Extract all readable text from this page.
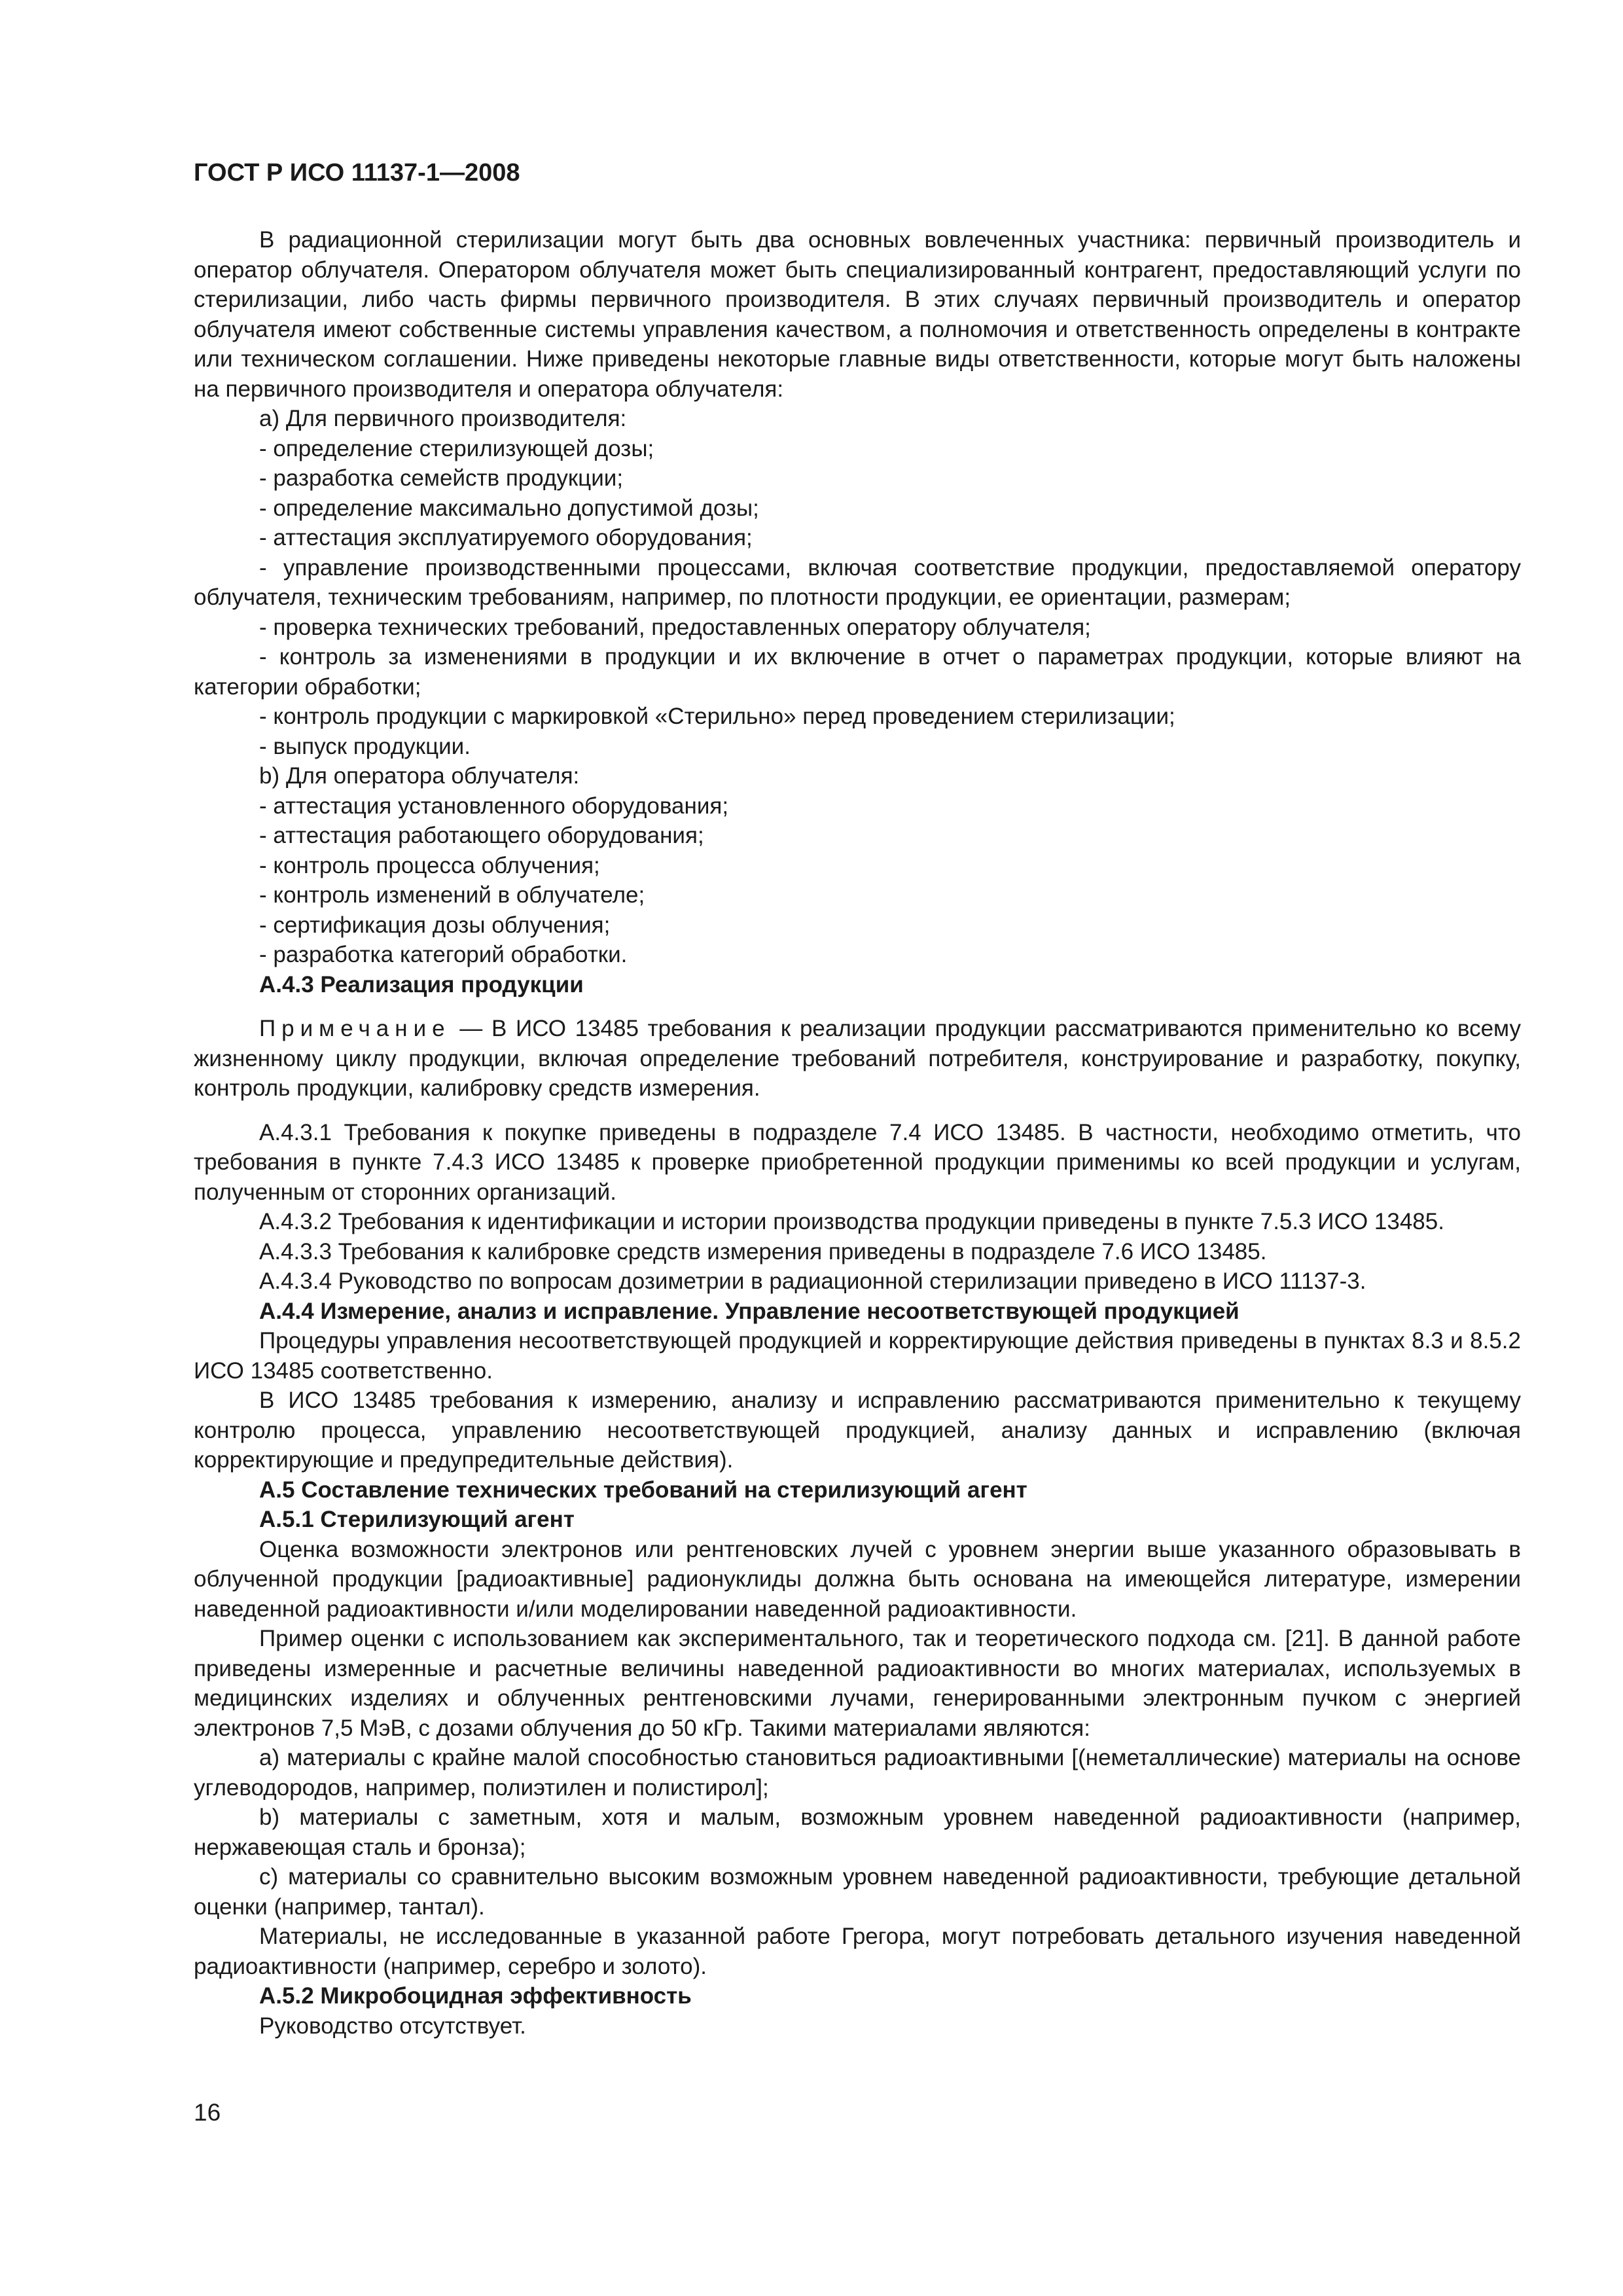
ГОСТ Р ИСО 11137-1—2008

В радиационной стерилизации могут быть два основных вовлеченных участника: первичный производитель и оператор облучателя. Оператором облучателя может быть специализированный контрагент, предоставляющий услуги по стерилизации, либо часть фирмы первичного производителя. В этих случаях первичный производитель и оператор облучателя имеют собственные системы управления качеством, а полномочия и ответственность определены в контракте или техническом соглашении. Ниже приведены некоторые главные виды ответственности, которые могут быть наложены на первичного производителя и оператора облучателя:

а) Для первичного производителя:

- определение стерилизующей дозы;

- разработка семейств продукции;

- определение максимально допустимой дозы;

- аттестация эксплуатируемого оборудования;

- управление производственными процессами, включая соответствие продукции, предоставляемой оператору облучателя, техническим требованиям, например, по плотности продукции, ее ориентации, размерам;

- проверка технических требований, предоставленных оператору облучателя;

- контроль за изменениями в продукции и их включение в отчет о параметрах продукции, которые влияют на категории обработки;

- контроль продукции с маркировкой «Стерильно» перед проведением стерилизации;

- выпуск продукции.

b) Для оператора облучателя:

- аттестация установленного оборудования;

- аттестация работающего оборудования;

- контроль процесса облучения;

- контроль изменений в облучателе;

- сертификация дозы облучения;

- разработка категорий обработки.

А.4.3 Реализация продукции

Примечание — В ИСО 13485 требования к реализации продукции рассматриваются применительно ко всему жизненному циклу продукции, включая определение требований потребителя, конструирование и разработку, покупку, контроль продукции, калибровку средств измерения.

А.4.3.1 Требования к покупке приведены в подразделе 7.4 ИСО 13485. В частности, необходимо отметить, что требования в пункте 7.4.3 ИСО 13485 к проверке приобретенной продукции применимы ко всей продукции и услугам, полученным от сторонних организаций.

А.4.3.2 Требования к идентификации и истории производства продукции приведены в пункте 7.5.3 ИСО 13485.

А.4.3.3 Требования к калибровке средств измерения приведены в подразделе 7.6 ИСО 13485.

А.4.3.4 Руководство по вопросам дозиметрии в радиационной стерилизации приведено в ИСО 11137-3.

А.4.4 Измерение, анализ и исправление. Управление несоответствующей продукцией

Процедуры управления несоответствующей продукцией и корректирующие действия приведены в пунктах 8.3 и 8.5.2 ИСО 13485 соответственно.

В ИСО 13485 требования к измерению, анализу и исправлению рассматриваются применительно к текущему контролю процесса, управлению несоответствующей продукцией, анализу данных и исправлению (включая корректирующие и предупредительные действия).

А.5 Составление технических требований на стерилизующий агент

А.5.1 Стерилизующий агент

Оценка возможности электронов или рентгеновских лучей с уровнем энергии выше указанного образовывать в облученной продукции [радиоактивные] радионуклиды должна быть основана на имеющейся литературе, измерении наведенной радиоактивности и/или моделировании наведенной радиоактивности.

Пример оценки с использованием как экспериментального, так и теоретического подхода см. [21]. В данной работе приведены измеренные и расчетные величины наведенной радиоактивности во многих материалах, используемых в медицинских изделиях и облученных рентгеновскими лучами, генерированными электронным пучком с энергией электронов 7,5 МэВ, с дозами облучения до 50 кГр. Такими материалами являются:

а) материалы с крайне малой способностью становиться радиоактивными [(неметаллические) материалы на основе углеводородов, например, полиэтилен и полистирол];

b) материалы с заметным, хотя и малым, возможным уровнем наведенной радиоактивности (например, нержавеющая сталь и бронза);

с) материалы со сравнительно высоким возможным уровнем наведенной радиоактивности, требующие детальной оценки (например, тантал).

Материалы, не исследованные в указанной работе Грегора, могут потребовать детального изучения наведенной радиоактивности (например, серебро и золото).

А.5.2 Микробоцидная эффективность

Руководство отсутствует.

16
